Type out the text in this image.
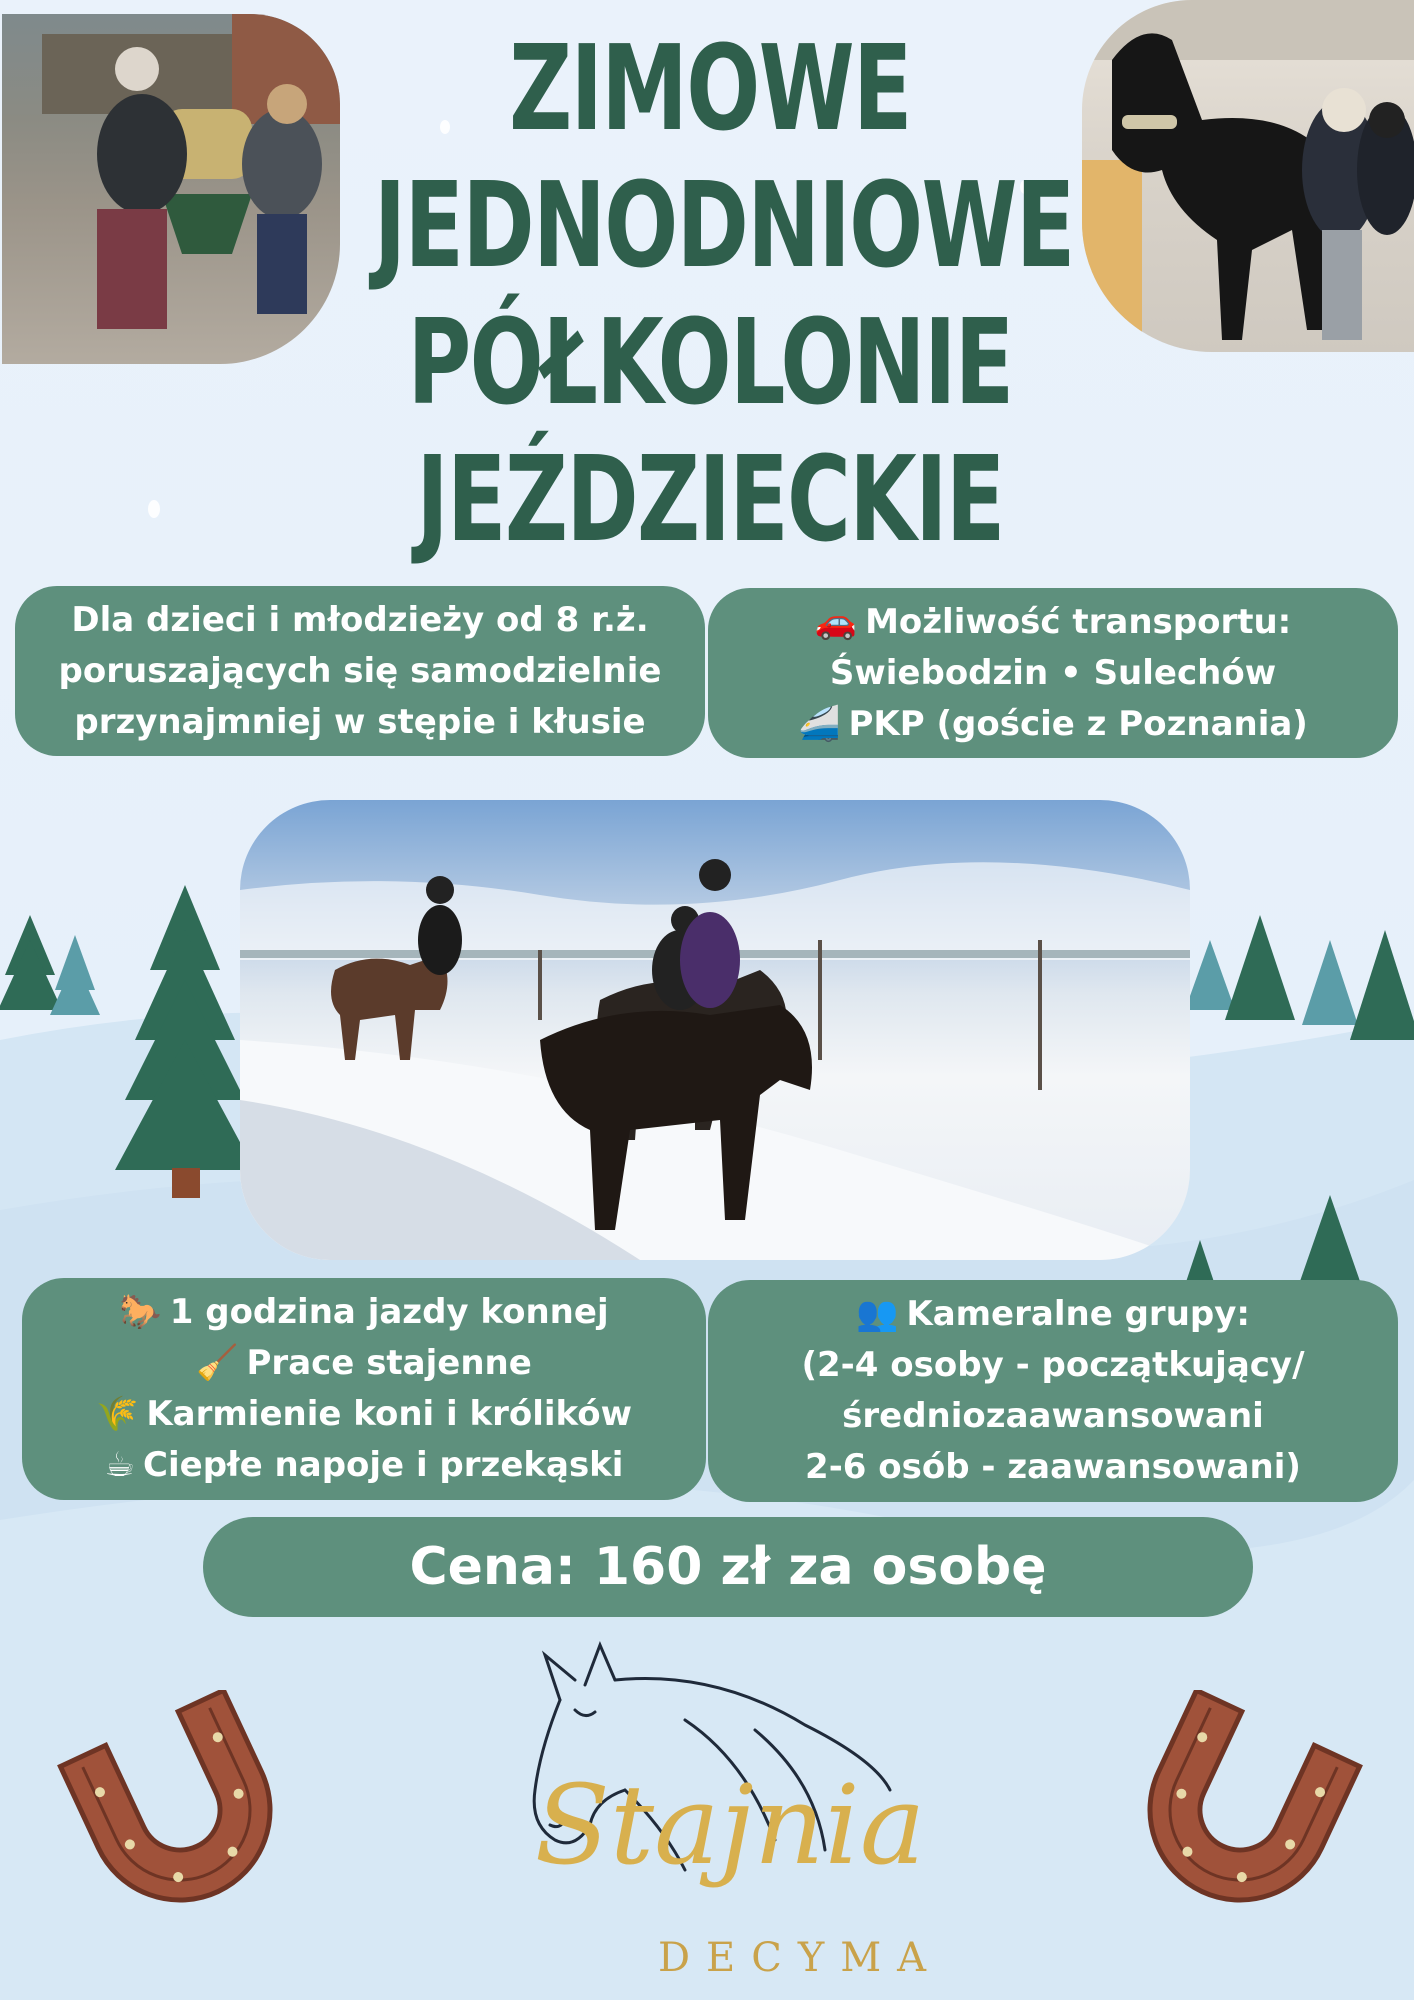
ZIMOWE
JEDNODNIOWE
PÓŁKOLONIE
JEŹDZIECKIE
Dla dzieci i młodzieży od 8 r.ż.
poruszających się samodzielnie
przynajmniej w stępie i kłusie
🚗 Możliwość transportu:
Świebodzin • Sulechów
🚄 PKP (goście z Poznania)
🐎 1 godzina jazdy konnej
🧹 Prace stajenne
🌾 Karmienie koni i królików
☕ Ciepłe napoje i przekąski
👥 Kameralne grupy:
(2-4 osoby - początkujący/
średniozaawansowani
2-6 osób - zaawansowani)
Cena: 160 zł za osobę
Stajnia
DECYMA
